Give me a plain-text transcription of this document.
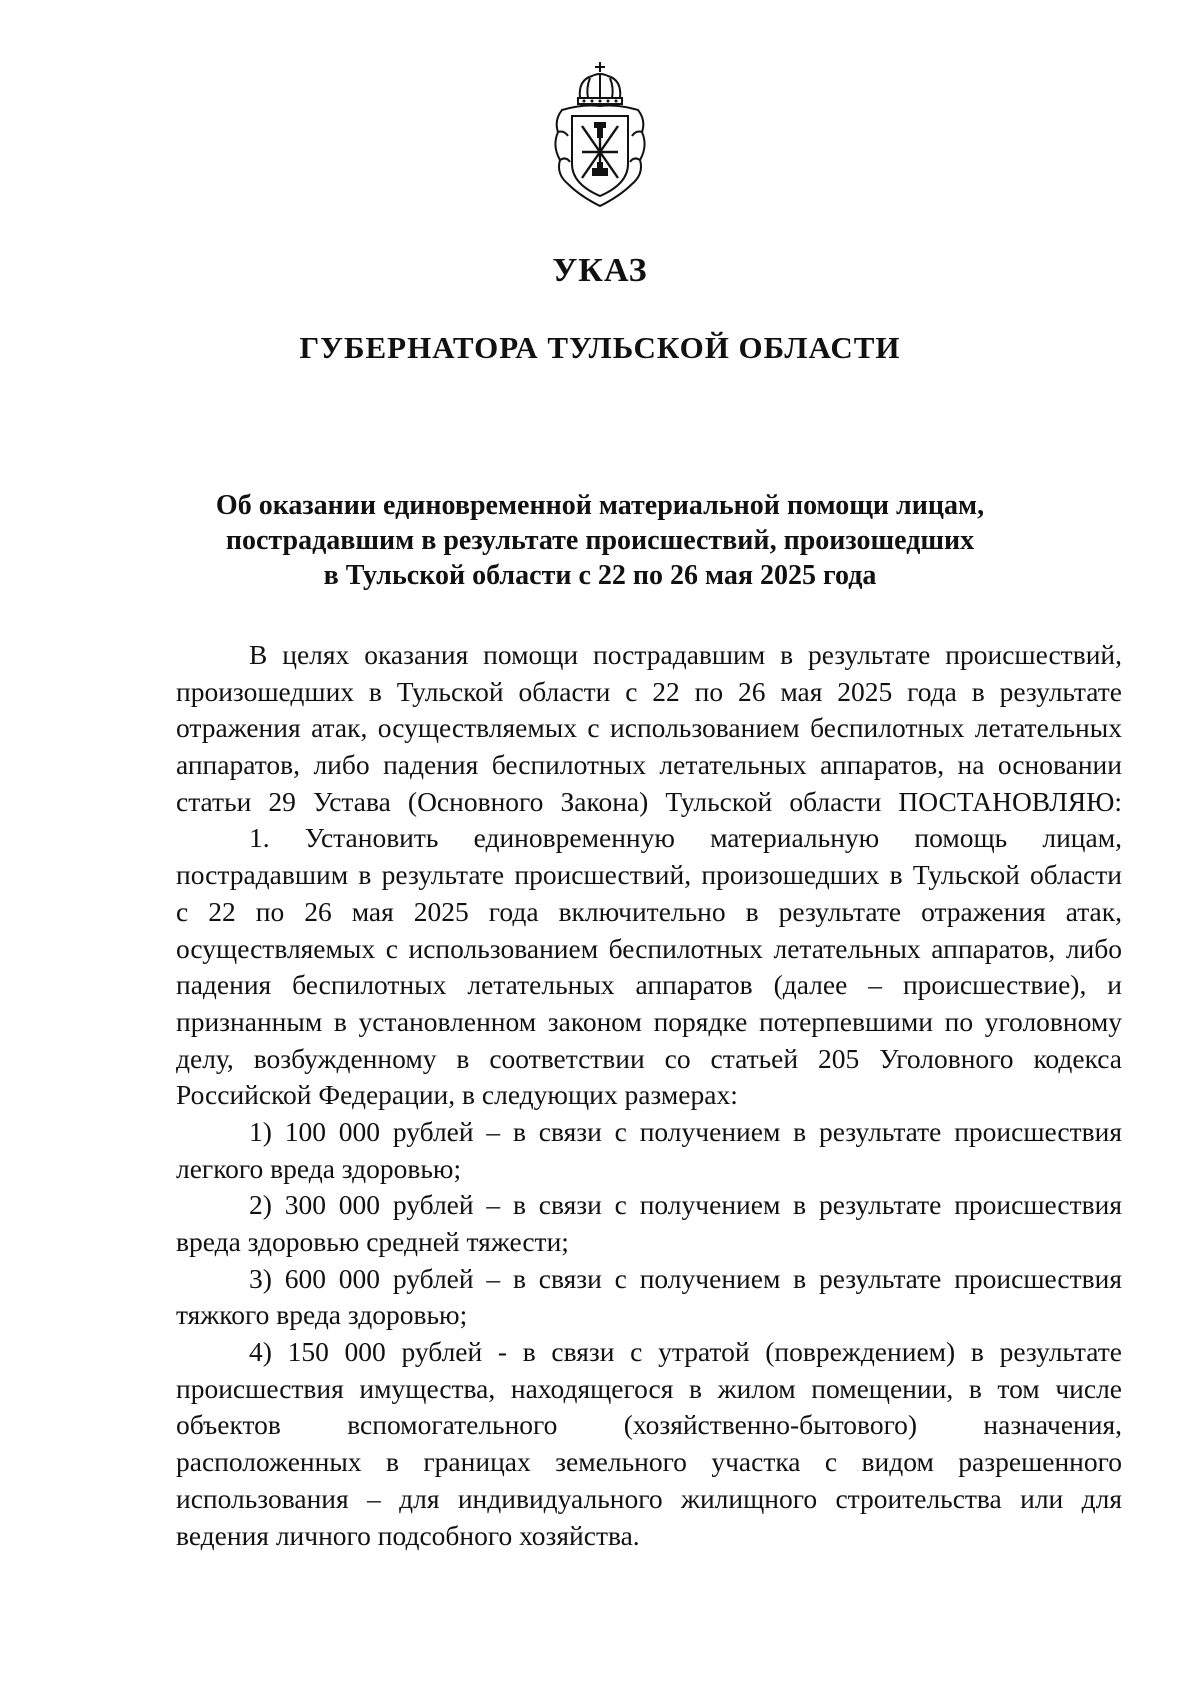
УКАЗ
ГУБЕРНАТОРА ТУЛЬСКОЙ ОБЛАСТИ
Об оказании единовременной материальной помощи лицам,
пострадавшим в результате происшествий, произошедших
в Тульской области с 22 по 26 мая 2025 года
В целях оказания помощи пострадавшим в результате происшествий,
произошедших в Тульской области с 22 по 26 мая 2025 года в результате
отражения атак, осуществляемых с использованием беспилотных летательных
аппаратов, либо падения беспилотных летательных аппаратов, на основании
статьи 29 Устава (Основного Закона) Тульской области ПОСТАНОВЛЯЮ:
1. Установить единовременную материальную помощь лицам,
пострадавшим в результате происшествий, произошедших в Тульской области
с 22 по 26 мая 2025 года включительно в результате отражения атак,
осуществляемых с использованием беспилотных летательных аппаратов, либо
падения беспилотных летательных аппаратов (далее – происшествие), и
признанным в установленном законом порядке потерпевшими по уголовному
делу, возбужденному в соответствии со статьей 205 Уголовного кодекса
Российской Федерации, в следующих размерах:
1) 100 000 рублей – в связи с получением в результате происшествия
легкого вреда здоровью;
2) 300 000 рублей – в связи с получением в результате происшествия
вреда здоровью средней тяжести;
3) 600 000 рублей – в связи с получением в результате происшествия
тяжкого вреда здоровью;
4) 150 000 рублей - в связи с утратой (повреждением) в результате
происшествия имущества, находящегося в жилом помещении, в том числе
объектов вспомогательного (хозяйственно-бытового) назначения,
расположенных в границах земельного участка с видом разрешенного
использования – для индивидуального жилищного строительства или для
ведения личного подсобного хозяйства.
